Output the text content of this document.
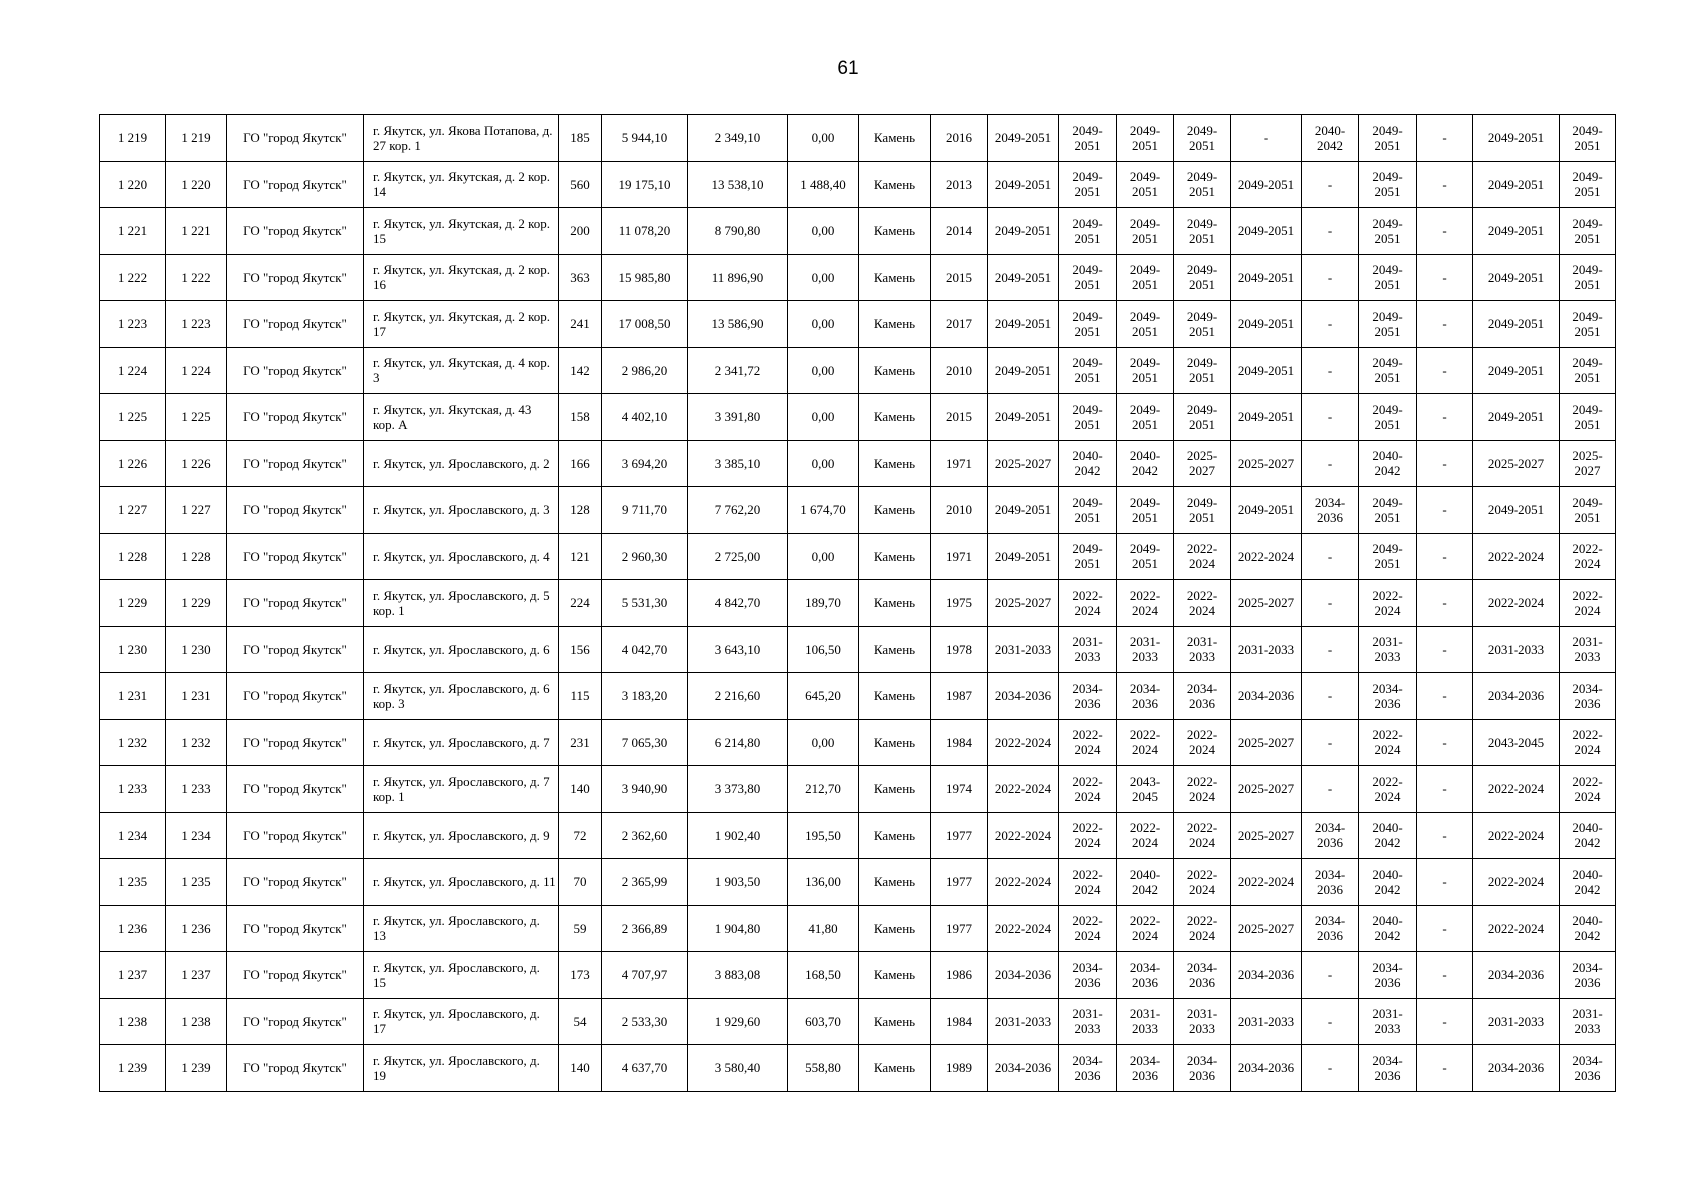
61
1 219	1 219	ГО "город Якутск"	г. Якутск, ул. Якова Потапова, д. 27 кор. 1	185	5 944,10	2 349,10	0,00	Камень	2016	2049-2051	2049-2051	2049-2051	2049-2051	-	2040-2042	2049-2051	-	2049-2051	2049-2051
1 220	1 220	ГО "город Якутск"	г. Якутск, ул. Якутская, д. 2 кор. 14	560	19 175,10	13 538,10	1 488,40	Камень	2013	2049-2051	2049-2051	2049-2051	2049-2051	2049-2051	-	2049-2051	-	2049-2051	2049-2051
1 221	1 221	ГО "город Якутск"	г. Якутск, ул. Якутская, д. 2 кор. 15	200	11 078,20	8 790,80	0,00	Камень	2014	2049-2051	2049-2051	2049-2051	2049-2051	2049-2051	-	2049-2051	-	2049-2051	2049-2051
1 222	1 222	ГО "город Якутск"	г. Якутск, ул. Якутская, д. 2 кор. 16	363	15 985,80	11 896,90	0,00	Камень	2015	2049-2051	2049-2051	2049-2051	2049-2051	2049-2051	-	2049-2051	-	2049-2051	2049-2051
1 223	1 223	ГО "город Якутск"	г. Якутск, ул. Якутская, д. 2 кор. 17	241	17 008,50	13 586,90	0,00	Камень	2017	2049-2051	2049-2051	2049-2051	2049-2051	2049-2051	-	2049-2051	-	2049-2051	2049-2051
1 224	1 224	ГО "город Якутск"	г. Якутск, ул. Якутская, д. 4 кор. 3	142	2 986,20	2 341,72	0,00	Камень	2010	2049-2051	2049-2051	2049-2051	2049-2051	2049-2051	-	2049-2051	-	2049-2051	2049-2051
1 225	1 225	ГО "город Якутск"	г. Якутск, ул. Якутская, д. 43 кор. А	158	4 402,10	3 391,80	0,00	Камень	2015	2049-2051	2049-2051	2049-2051	2049-2051	2049-2051	-	2049-2051	-	2049-2051	2049-2051
1 226	1 226	ГО "город Якутск"	г. Якутск, ул. Ярославского, д. 2	166	3 694,20	3 385,10	0,00	Камень	1971	2025-2027	2040-2042	2040-2042	2025-2027	2025-2027	-	2040-2042	-	2025-2027	2025-2027
1 227	1 227	ГО "город Якутск"	г. Якутск, ул. Ярославского, д. 3	128	9 711,70	7 762,20	1 674,70	Камень	2010	2049-2051	2049-2051	2049-2051	2049-2051	2049-2051	2034-2036	2049-2051	-	2049-2051	2049-2051
1 228	1 228	ГО "город Якутск"	г. Якутск, ул. Ярославского, д. 4	121	2 960,30	2 725,00	0,00	Камень	1971	2049-2051	2049-2051	2049-2051	2022-2024	2022-2024	-	2049-2051	-	2022-2024	2022-2024
1 229	1 229	ГО "город Якутск"	г. Якутск, ул. Ярославского, д. 5 кор. 1	224	5 531,30	4 842,70	189,70	Камень	1975	2025-2027	2022-2024	2022-2024	2022-2024	2025-2027	-	2022-2024	-	2022-2024	2022-2024
1 230	1 230	ГО "город Якутск"	г. Якутск, ул. Ярославского, д. 6	156	4 042,70	3 643,10	106,50	Камень	1978	2031-2033	2031-2033	2031-2033	2031-2033	2031-2033	-	2031-2033	-	2031-2033	2031-2033
1 231	1 231	ГО "город Якутск"	г. Якутск, ул. Ярославского, д. 6 кор. 3	115	3 183,20	2 216,60	645,20	Камень	1987	2034-2036	2034-2036	2034-2036	2034-2036	2034-2036	-	2034-2036	-	2034-2036	2034-2036
1 232	1 232	ГО "город Якутск"	г. Якутск, ул. Ярославского, д. 7	231	7 065,30	6 214,80	0,00	Камень	1984	2022-2024	2022-2024	2022-2024	2022-2024	2025-2027	-	2022-2024	-	2043-2045	2022-2024
1 233	1 233	ГО "город Якутск"	г. Якутск, ул. Ярославского, д. 7 кор. 1	140	3 940,90	3 373,80	212,70	Камень	1974	2022-2024	2022-2024	2043-2045	2022-2024	2025-2027	-	2022-2024	-	2022-2024	2022-2024
1 234	1 234	ГО "город Якутск"	г. Якутск, ул. Ярославского, д. 9	72	2 362,60	1 902,40	195,50	Камень	1977	2022-2024	2022-2024	2022-2024	2022-2024	2025-2027	2034-2036	2040-2042	-	2022-2024	2040-2042
1 235	1 235	ГО "город Якутск"	г. Якутск, ул. Ярославского, д. 11	70	2 365,99	1 903,50	136,00	Камень	1977	2022-2024	2022-2024	2040-2042	2022-2024	2022-2024	2034-2036	2040-2042	-	2022-2024	2040-2042
1 236	1 236	ГО "город Якутск"	г. Якутск, ул. Ярославского, д. 13	59	2 366,89	1 904,80	41,80	Камень	1977	2022-2024	2022-2024	2022-2024	2022-2024	2025-2027	2034-2036	2040-2042	-	2022-2024	2040-2042
1 237	1 237	ГО "город Якутск"	г. Якутск, ул. Ярославского, д. 15	173	4 707,97	3 883,08	168,50	Камень	1986	2034-2036	2034-2036	2034-2036	2034-2036	2034-2036	-	2034-2036	-	2034-2036	2034-2036
1 238	1 238	ГО "город Якутск"	г. Якутск, ул. Ярославского, д. 17	54	2 533,30	1 929,60	603,70	Камень	1984	2031-2033	2031-2033	2031-2033	2031-2033	2031-2033	-	2031-2033	-	2031-2033	2031-2033
1 239	1 239	ГО "город Якутск"	г. Якутск, ул. Ярославского, д. 19	140	4 637,70	3 580,40	558,80	Камень	1989	2034-2036	2034-2036	2034-2036	2034-2036	2034-2036	-	2034-2036	-	2034-2036	2034-2036
